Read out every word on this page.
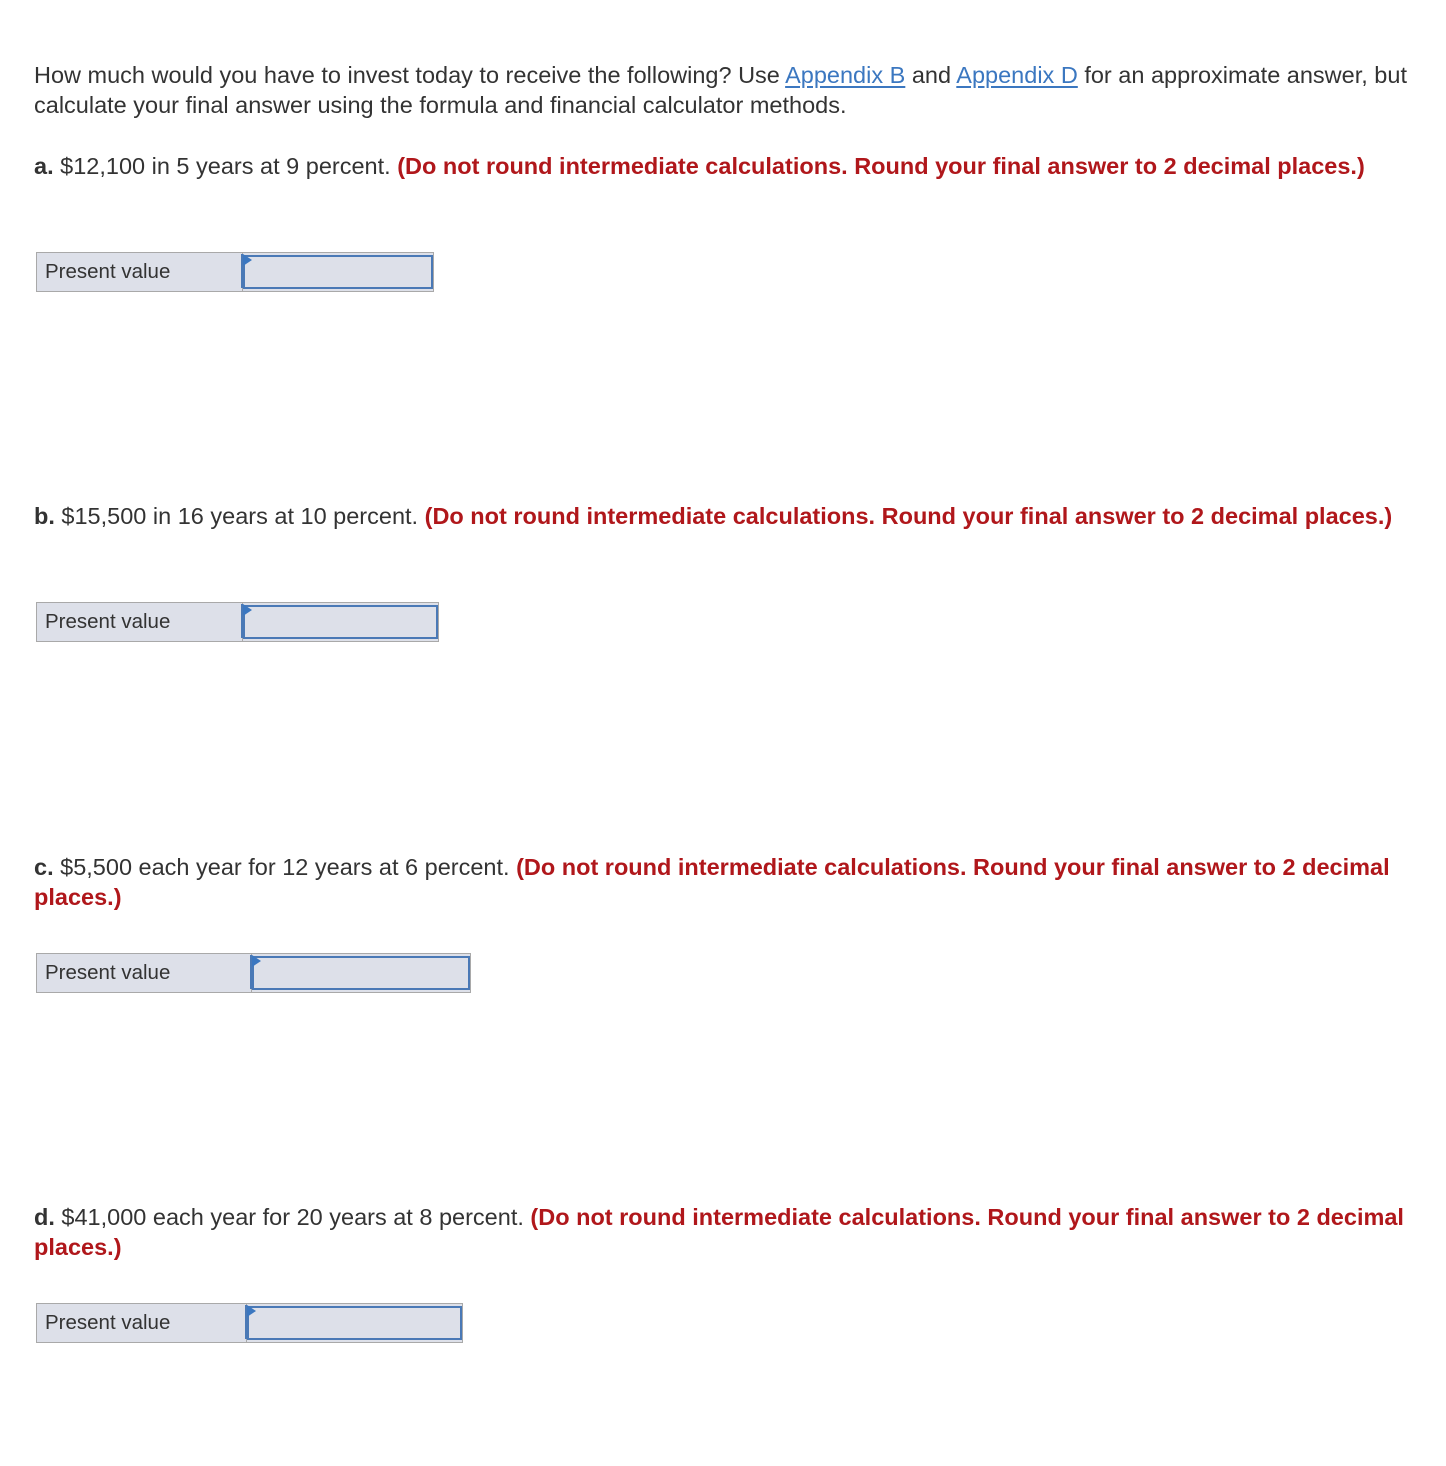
How much would you have to invest today to receive the following? Use Appendix B and Appendix D for an approximate answer, but calculate your final answer using the formula and financial calculator methods.

a. $12,100 in 5 years at 9 percent. (Do not round intermediate calculations. Round your final answer to 2 decimal places.)

Present value

b. $15,500 in 16 years at 10 percent. (Do not round intermediate calculations. Round your final answer to 2 decimal places.)

Present value

c. $5,500 each year for 12 years at 6 percent. (Do not round intermediate calculations. Round your final answer to 2 decimal places.)

Present value

d. $41,000 each year for 20 years at 8 percent. (Do not round intermediate calculations. Round your final answer to 2 decimal places.)

Present value
